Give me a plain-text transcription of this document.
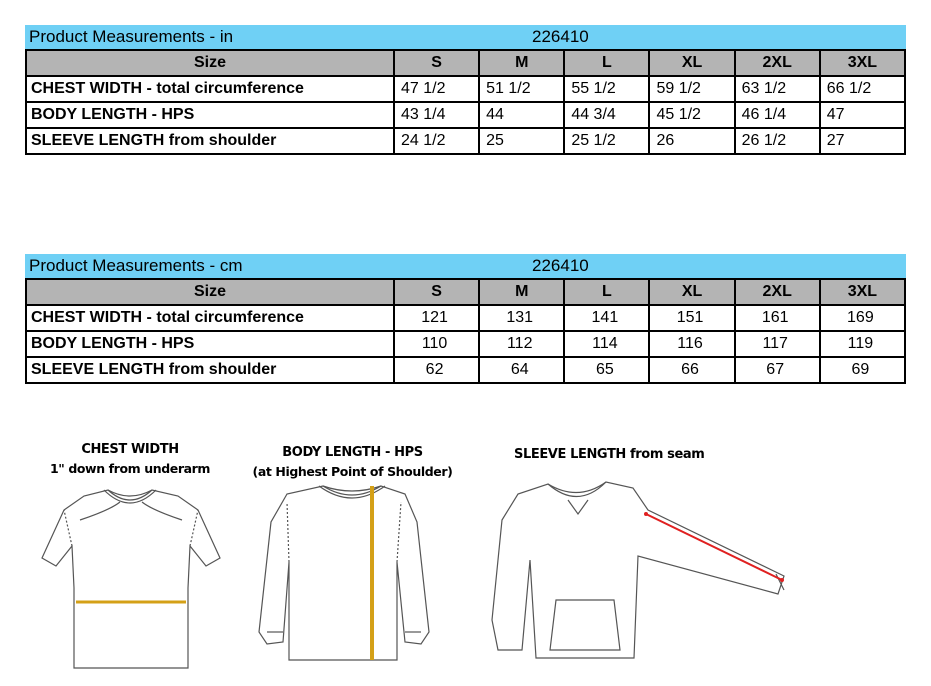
Product Measurements - in	226410
Size	S	M	L	XL	2XL	3XL
CHEST WIDTH - total circumference	47 1/2	51 1/2	55 1/2	59 1/2	63 1/2	66 1/2
BODY LENGTH - HPS	43 1/4	44	44 3/4	45 1/2	46 1/4	47
SLEEVE LENGTH from shoulder	24 1/2	25	25 1/2	26	26 1/2	27
Product Measurements - cm	226410
Size	S	M	L	XL	2XL	3XL
CHEST WIDTH - total circumference	121	131	141	151	161	169
BODY LENGTH - HPS	110	112	114	116	117	119
SLEEVE LENGTH from shoulder	62	64	65	66	67	69
CHEST WIDTH
1" down from underarm
BODY LENGTH - HPS
(at Highest Point of Shoulder)
SLEEVE LENGTH from seam
